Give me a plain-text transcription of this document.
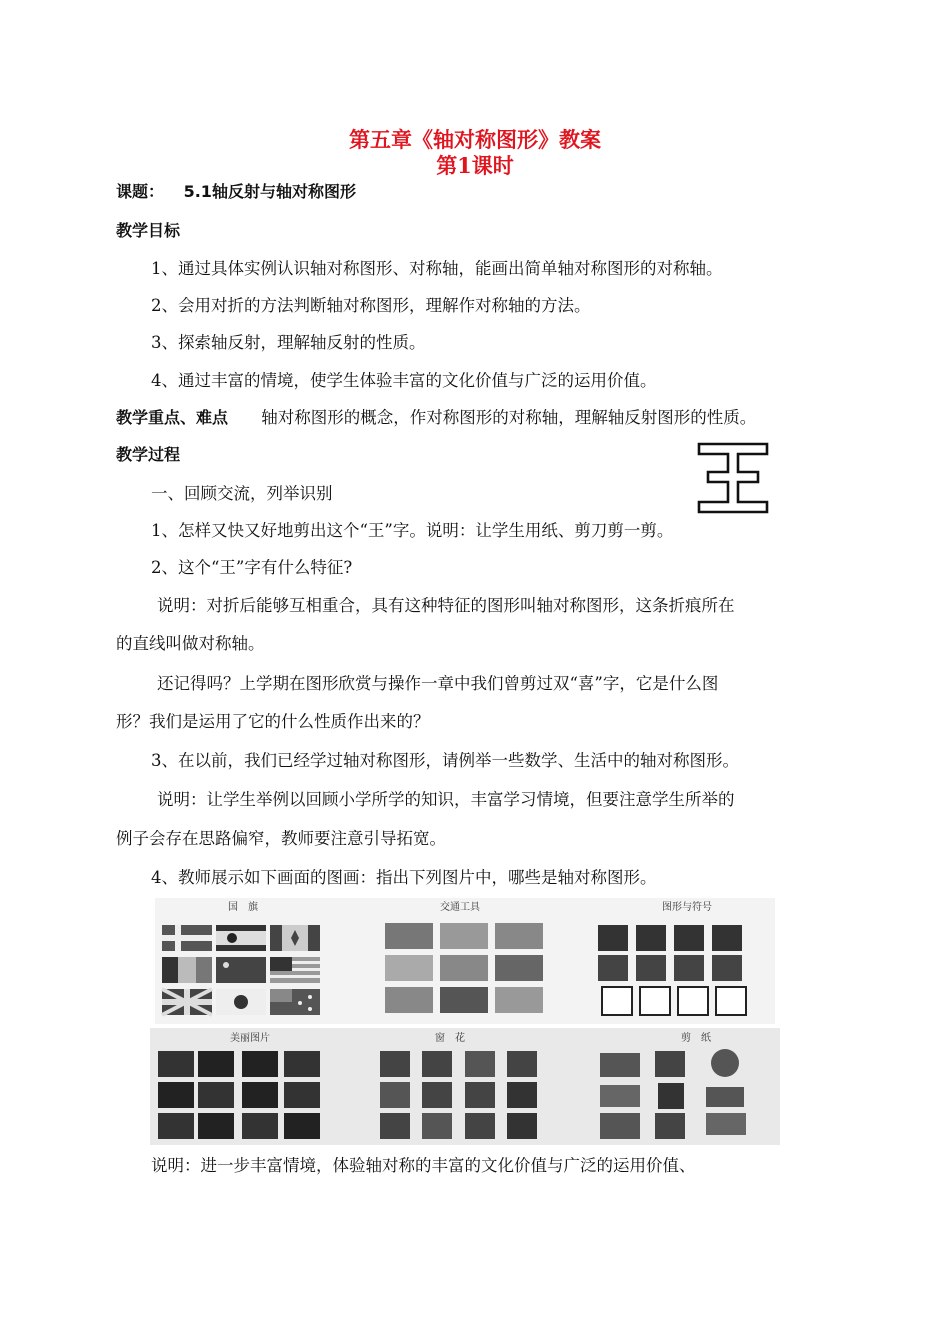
第五章《轴对称图形》教案
第1课时
课题： 5.1轴反射与轴对称图形
教学目标
1、通过具体实例认识轴对称图形、对称轴，能画出简单轴对称图形的对称轴。
2、会用对折的方法判断轴对称图形，理解作对称轴的方法。
3、探索轴反射，理解轴反射的性质。
4、通过丰富的情境，使学生体验丰富的文化价值与广泛的运用价值。
教学重点、难点 轴对称图形的概念，作对称图形的对称轴，理解轴反射图形的性质。
教学过程
一、回顾交流，列举识别
1、怎样又快又好地剪出这个“王”字。说明：让学生用纸、剪刀剪一剪。
2、这个“王”字有什么特征?
说明：对折后能够互相重合，具有这种特征的图形叫轴对称图形，这条折痕所在
的直线叫做对称轴。
还记得吗？上学期在图形欣赏与操作一章中我们曾剪过双“喜”字，它是什么图
形？我们是运用了它的什么性质作出来的？
3、在以前，我们已经学过轴对称图形，请例举一些数学、生活中的轴对称图形。
说明：让学生举例以回顾小学所学的知识，丰富学习情境，但要注意学生所举的
例子会存在思路偏窄，教师要注意引导拓宽。
4、教师展示如下画面的图画：指出下列图片中，哪些是轴对称图形。
国　旗	交通工具	图形与符号
美丽图片	窗　花	剪　纸
说明：进一步丰富情境，体验轴对称的丰富的文化价值与广泛的运用价值、
